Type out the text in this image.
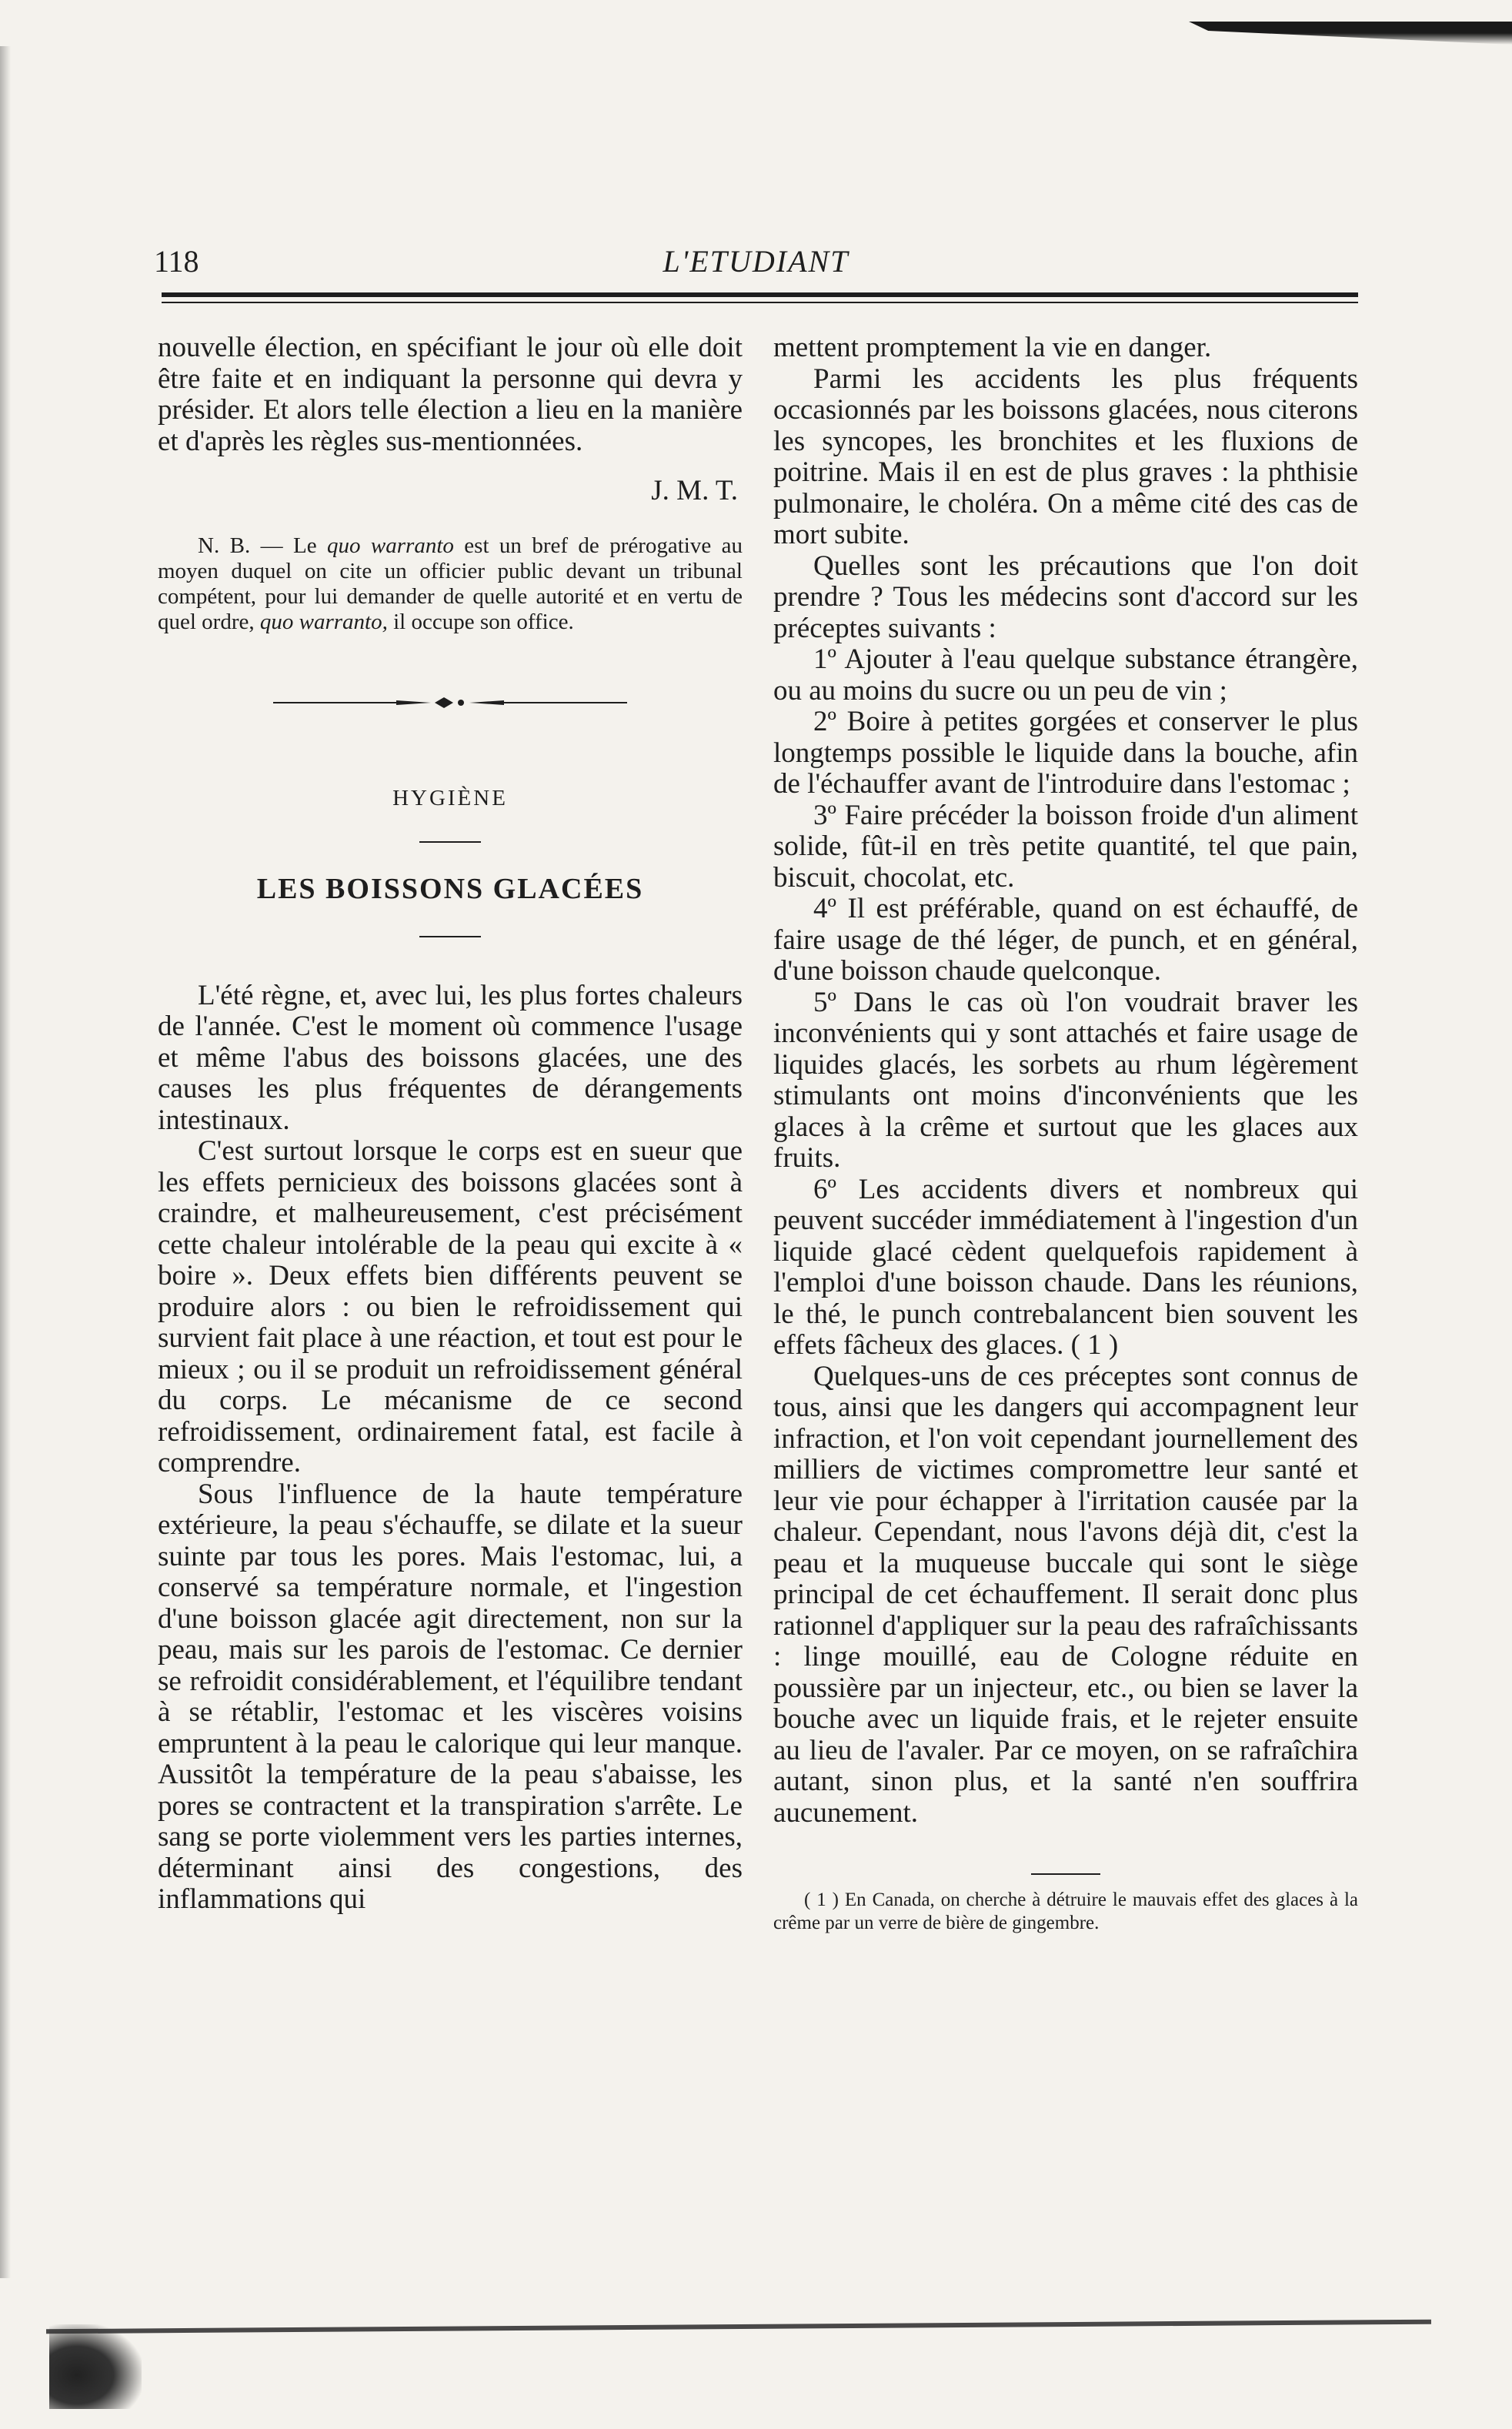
118	L'ETUDIANT

nouvelle élection, en spécifiant le jour où elle doit être faite et en indiquant la personne qui devra y présider. Et alors telle élection a lieu en la manière et d'après les règles sus-mentionnées.

J. M. T.

N. B. — Le quo warranto est un bref de prérogative au moyen duquel on cite un officier public devant un tribunal compétent, pour lui demander de quelle autorité et en vertu de quel ordre, quo warranto, il occupe son office.

HYGIÈNE

LES BOISSONS GLACÉES

L'été règne, et, avec lui, les plus fortes chaleurs de l'année. C'est le moment où commence l'usage et même l'abus des boissons glacées, une des causes les plus fréquentes de dérangements intestinaux.

C'est surtout lorsque le corps est en sueur que les effets pernicieux des boissons glacées sont à craindre, et malheureusement, c'est précisément cette chaleur intolérable de la peau qui excite à « boire ». Deux effets bien différents peuvent se produire alors : ou bien le refroidissement qui survient fait place à une réaction, et tout est pour le mieux ; ou il se produit un refroidissement général du corps. Le mécanisme de ce second refroidissement, ordinairement fatal, est facile à comprendre.

Sous l'influence de la haute température extérieure, la peau s'échauffe, se dilate et la sueur suinte par tous les pores. Mais l'estomac, lui, a conservé sa température normale, et l'ingestion d'une boisson glacée agit directement, non sur la peau, mais sur les parois de l'estomac. Ce dernier se refroidit considérablement, et l'équilibre tendant à se rétablir, l'estomac et les viscères voisins empruntent à la peau le calorique qui leur manque. Aussitôt la température de la peau s'abaisse, les pores se contractent et la transpiration s'arrête. Le sang se porte violemment vers les parties internes, déterminant ainsi des congestions, des inflammations qui

mettent promptement la vie en danger.

Parmi les accidents les plus fréquents occasionnés par les boissons glacées, nous citerons les syncopes, les bronchites et les fluxions de poitrine. Mais il en est de plus graves : la phthisie pulmonaire, le choléra. On a même cité des cas de mort subite.

Quelles sont les précautions que l'on doit prendre ? Tous les médecins sont d'accord sur les préceptes suivants :

1º Ajouter à l'eau quelque substance étrangère, ou au moins du sucre ou un peu de vin ;

2º Boire à petites gorgées et conserver le plus longtemps possible le liquide dans la bouche, afin de l'échauffer avant de l'introduire dans l'estomac ;

3º Faire précéder la boisson froide d'un aliment solide, fût-il en très petite quantité, tel que pain, biscuit, chocolat, etc.

4º Il est préférable, quand on est échauffé, de faire usage de thé léger, de punch, et en général, d'une boisson chaude quelconque.

5º Dans le cas où l'on voudrait braver les inconvénients qui y sont attachés et faire usage de liquides glacés, les sorbets au rhum légèrement stimulants ont moins d'inconvénients que les glaces à la crême et surtout que les glaces aux fruits.

6º Les accidents divers et nombreux qui peuvent succéder immédiatement à l'ingestion d'un liquide glacé cèdent quelquefois rapidement à l'emploi d'une boisson chaude. Dans les réunions, le thé, le punch contrebalancent bien souvent les effets fâcheux des glaces. ( 1 )

Quelques-uns de ces préceptes sont connus de tous, ainsi que les dangers qui accompagnent leur infraction, et l'on voit cependant journellement des milliers de victimes compromettre leur santé et leur vie pour échapper à l'irritation causée par la chaleur. Cependant, nous l'avons déjà dit, c'est la peau et la muqueuse buccale qui sont le siège principal de cet échauffement. Il serait donc plus rationnel d'appliquer sur la peau des rafraîchissants : linge mouillé, eau de Cologne réduite en poussière par un injecteur, etc., ou bien se laver la bouche avec un liquide frais, et le rejeter ensuite au lieu de l'avaler. Par ce moyen, on se rafraîchira autant, sinon plus, et la santé n'en souffrira aucunement.

( 1 ) En Canada, on cherche à détruire le mauvais effet des glaces à la crême par un verre de bière de gingembre.
